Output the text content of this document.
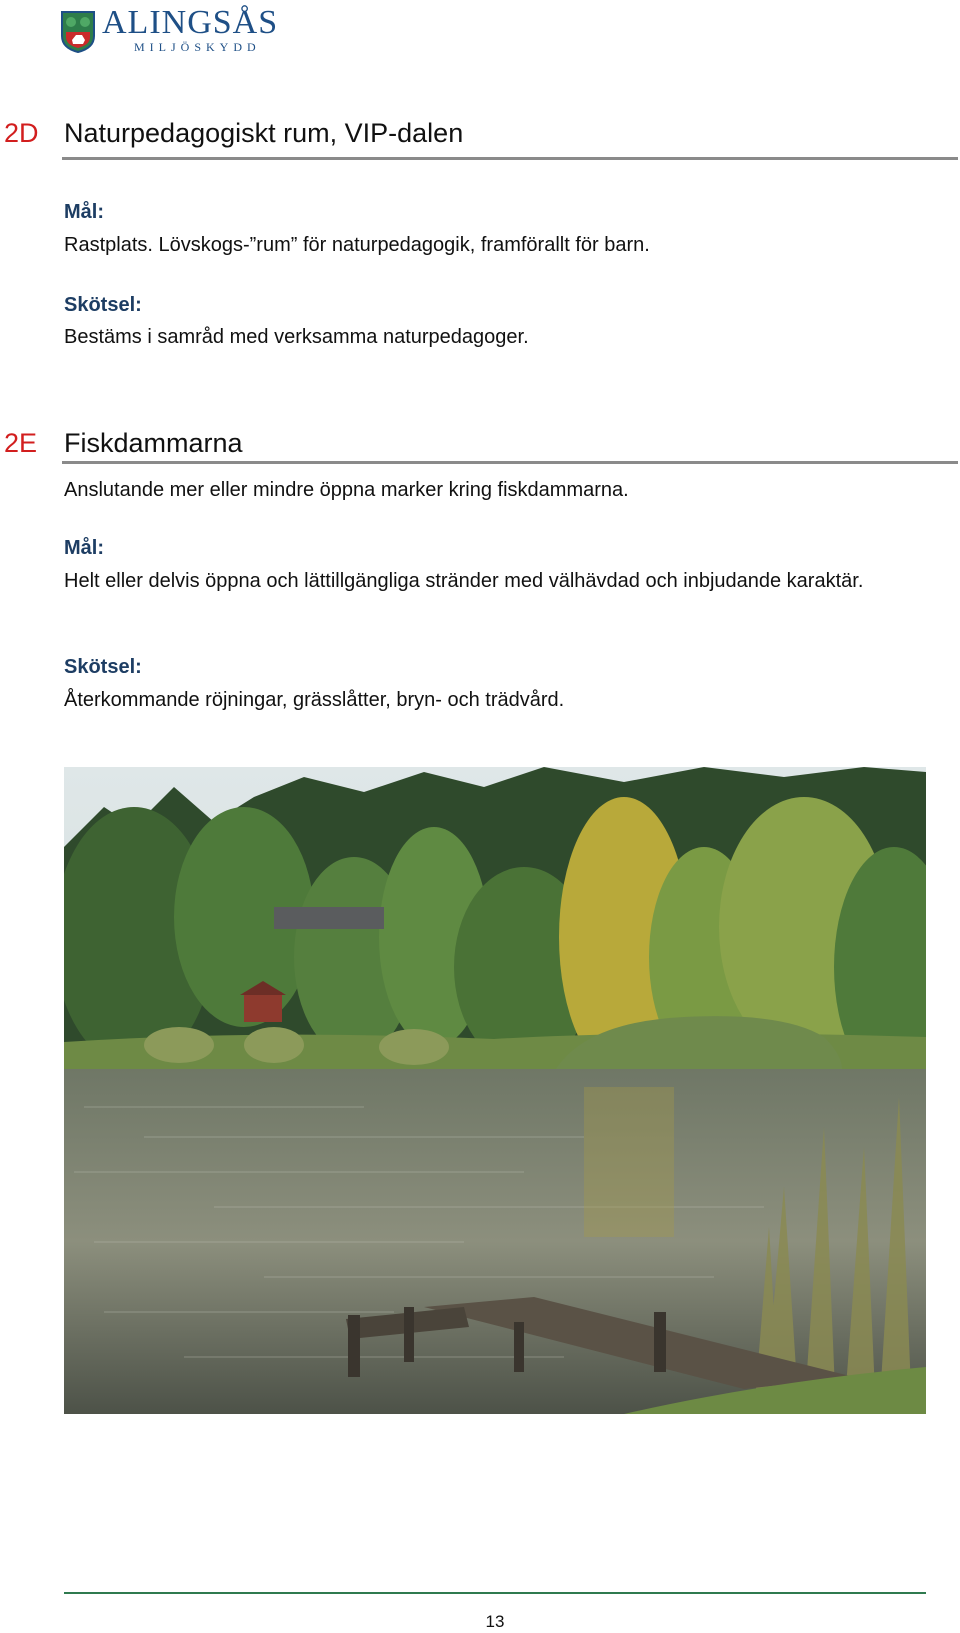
ALINGSÅS
MILJÖSKYDD
2D Naturpedagogiskt rum, VIP-dalen
Mål:
Rastplats. Lövskogs-”rum” för naturpedagogik, framförallt för barn.
Skötsel:
Bestäms i samråd med verksamma naturpedagoger.
2E Fiskdammarna
Anslutande mer eller mindre öppna marker kring fiskdammarna.
Mål:
Helt eller delvis öppna och lättillgängliga stränder med välhävdad och inbjudande karaktär.
Skötsel:
Återkommande röjningar, grässlåtter, bryn- och trädvård.
13
